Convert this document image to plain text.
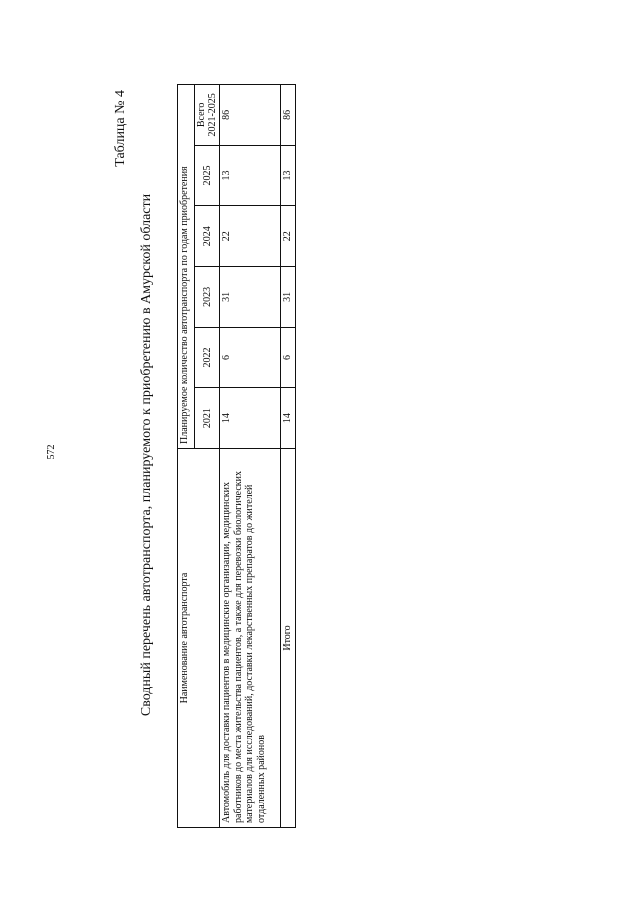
572
Таблица № 4
Сводный перечень автотранспорта, планируемого к приобретению в Амурской области	Наименование автотранспорта	Планируемое количество автотранспорта по годам приобретения					
	2021	2022	2023	2024	2025	Всего 2021-2025

Автомобиль для доставки пациентов в медицинские организации, медицинских работников до места жительства пациентов, а также для перевозки биологических материалов для исследований, доставки лекарственных препаратов до жителей отдаленных районов	14	6	31	22	13	86
Итого	14	6	31	22	13	86
